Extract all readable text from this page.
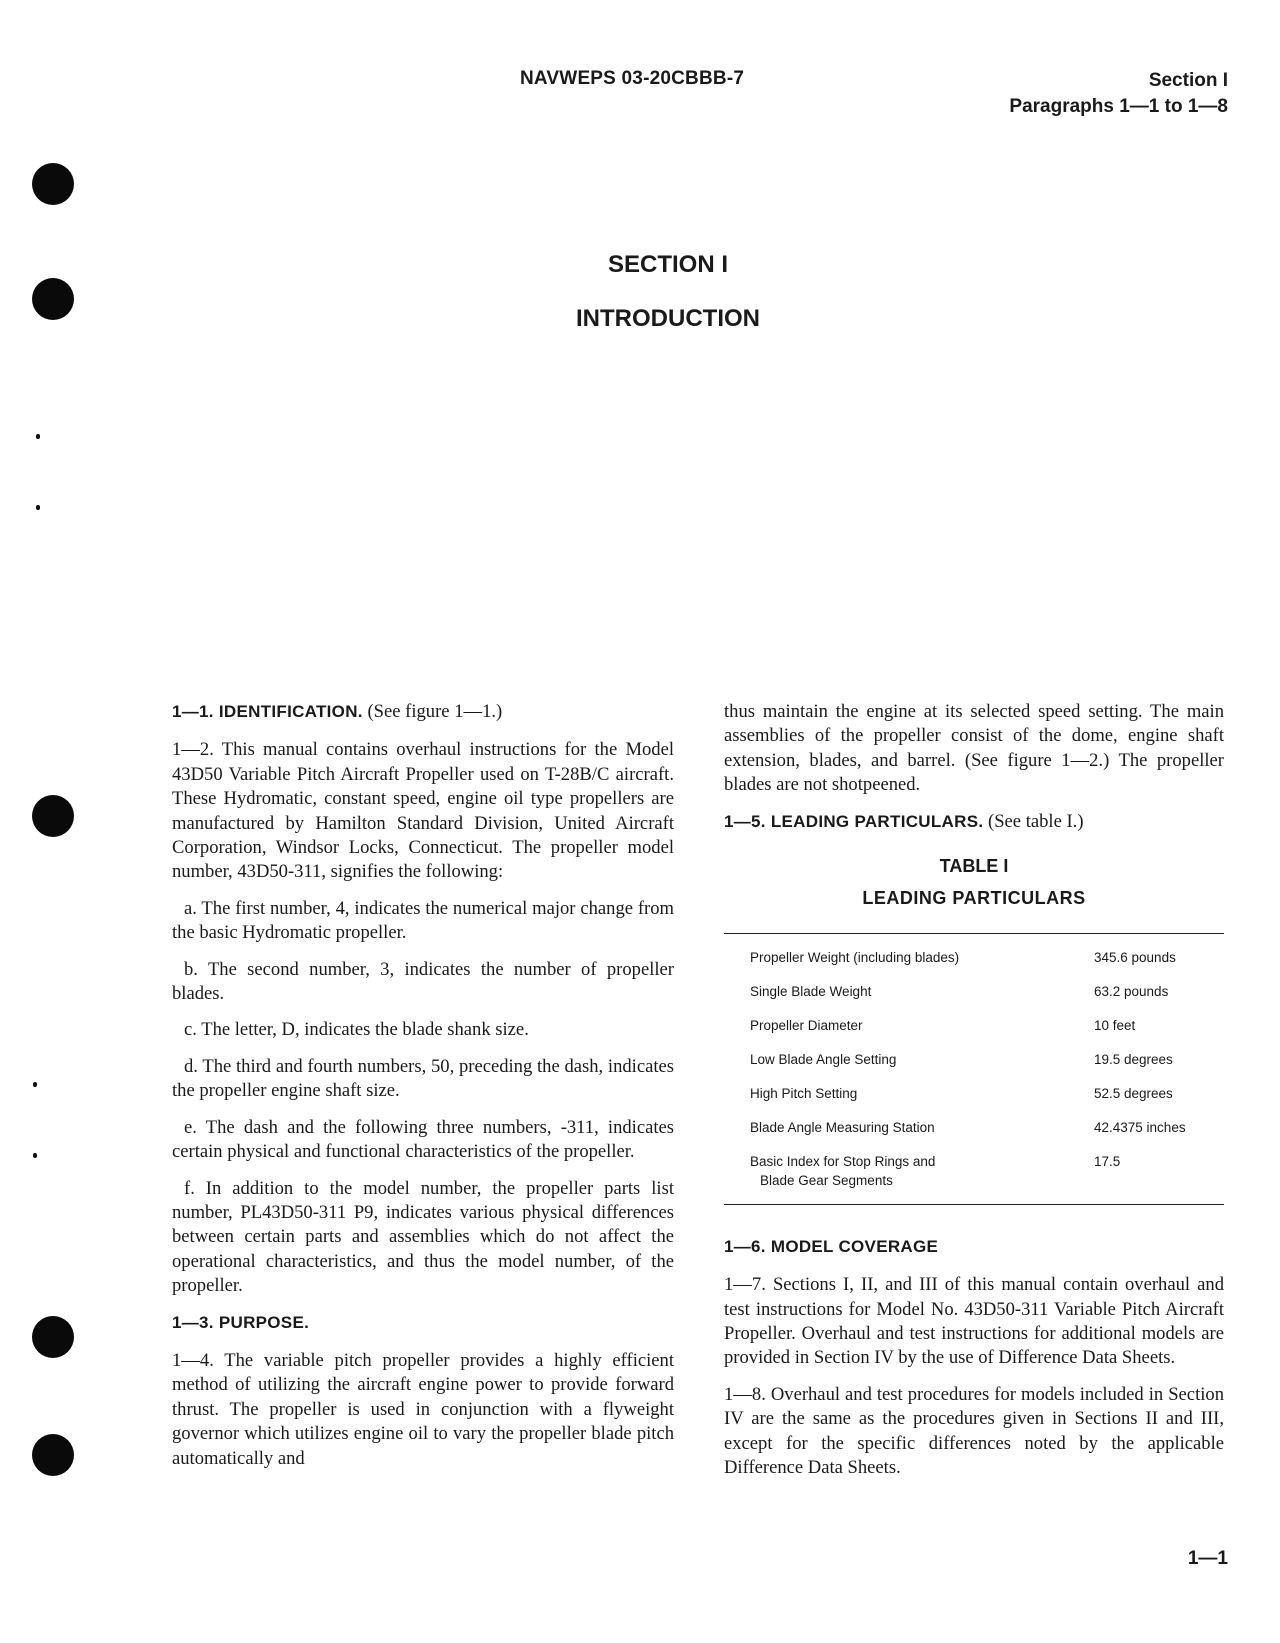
NAVWEPS 03-20CBBB-7	Section I
Paragraphs 1—1 to 1—8
SECTION I
INTRODUCTION

1—1. IDENTIFICATION. (See figure 1—1.)

1—2. This manual contains overhaul instructions for the Model 43D50 Variable Pitch Aircraft Propeller used on T-28B/C aircraft. These Hydromatic, constant speed, engine oil type propellers are manufactured by Hamilton Standard Division, United Aircraft Corporation, Windsor Locks, Connecticut. The propeller model number, 43D50-311, signifies the following:

a. The first number, 4, indicates the numerical major change from the basic Hydromatic propeller.

b. The second number, 3, indicates the number of propeller blades.

c. The letter, D, indicates the blade shank size.

d. The third and fourth numbers, 50, preceding the dash, indicates the propeller engine shaft size.

e. The dash and the following three numbers, -311, indicates certain physical and functional characteristics of the propeller.

f. In addition to the model number, the propeller parts list number, PL43D50-311 P9, indicates various physical differences between certain parts and assemblies which do not affect the operational characteristics, and thus the model number, of the propeller.

1—3. PURPOSE.

1—4. The variable pitch propeller provides a highly efficient method of utilizing the aircraft engine power to provide forward thrust. The propeller is used in conjunction with a flyweight governor which utilizes engine oil to vary the propeller blade pitch automatically and

thus maintain the engine at its selected speed setting. The main assemblies of the propeller consist of the dome, engine shaft extension, blades, and barrel. (See figure 1—2.) The propeller blades are not shotpeened.

1—5. LEADING PARTICULARS. (See table I.)

TABLE I
LEADING PARTICULARS
Propeller Weight (including blades)	345.6 pounds
Single Blade Weight	63.2 pounds
Propeller Diameter	10 feet
Low Blade Angle Setting	19.5 degrees
High Pitch Setting	52.5 degrees
Blade Angle Measuring Station	42.4375 inches

Basic Index for Stop Rings and
Blade Gear Segments	17.5

1—6. MODEL COVERAGE

1—7. Sections I, II, and III of this manual contain overhaul and test instructions for Model No. 43D50-311 Variable Pitch Aircraft Propeller. Overhaul and test instructions for additional models are provided in Section IV by the use of Difference Data Sheets.

1—8. Overhaul and test procedures for models included in Section IV are the same as the procedures given in Sections II and III, except for the specific differences noted by the applicable Difference Data Sheets.

1—1
